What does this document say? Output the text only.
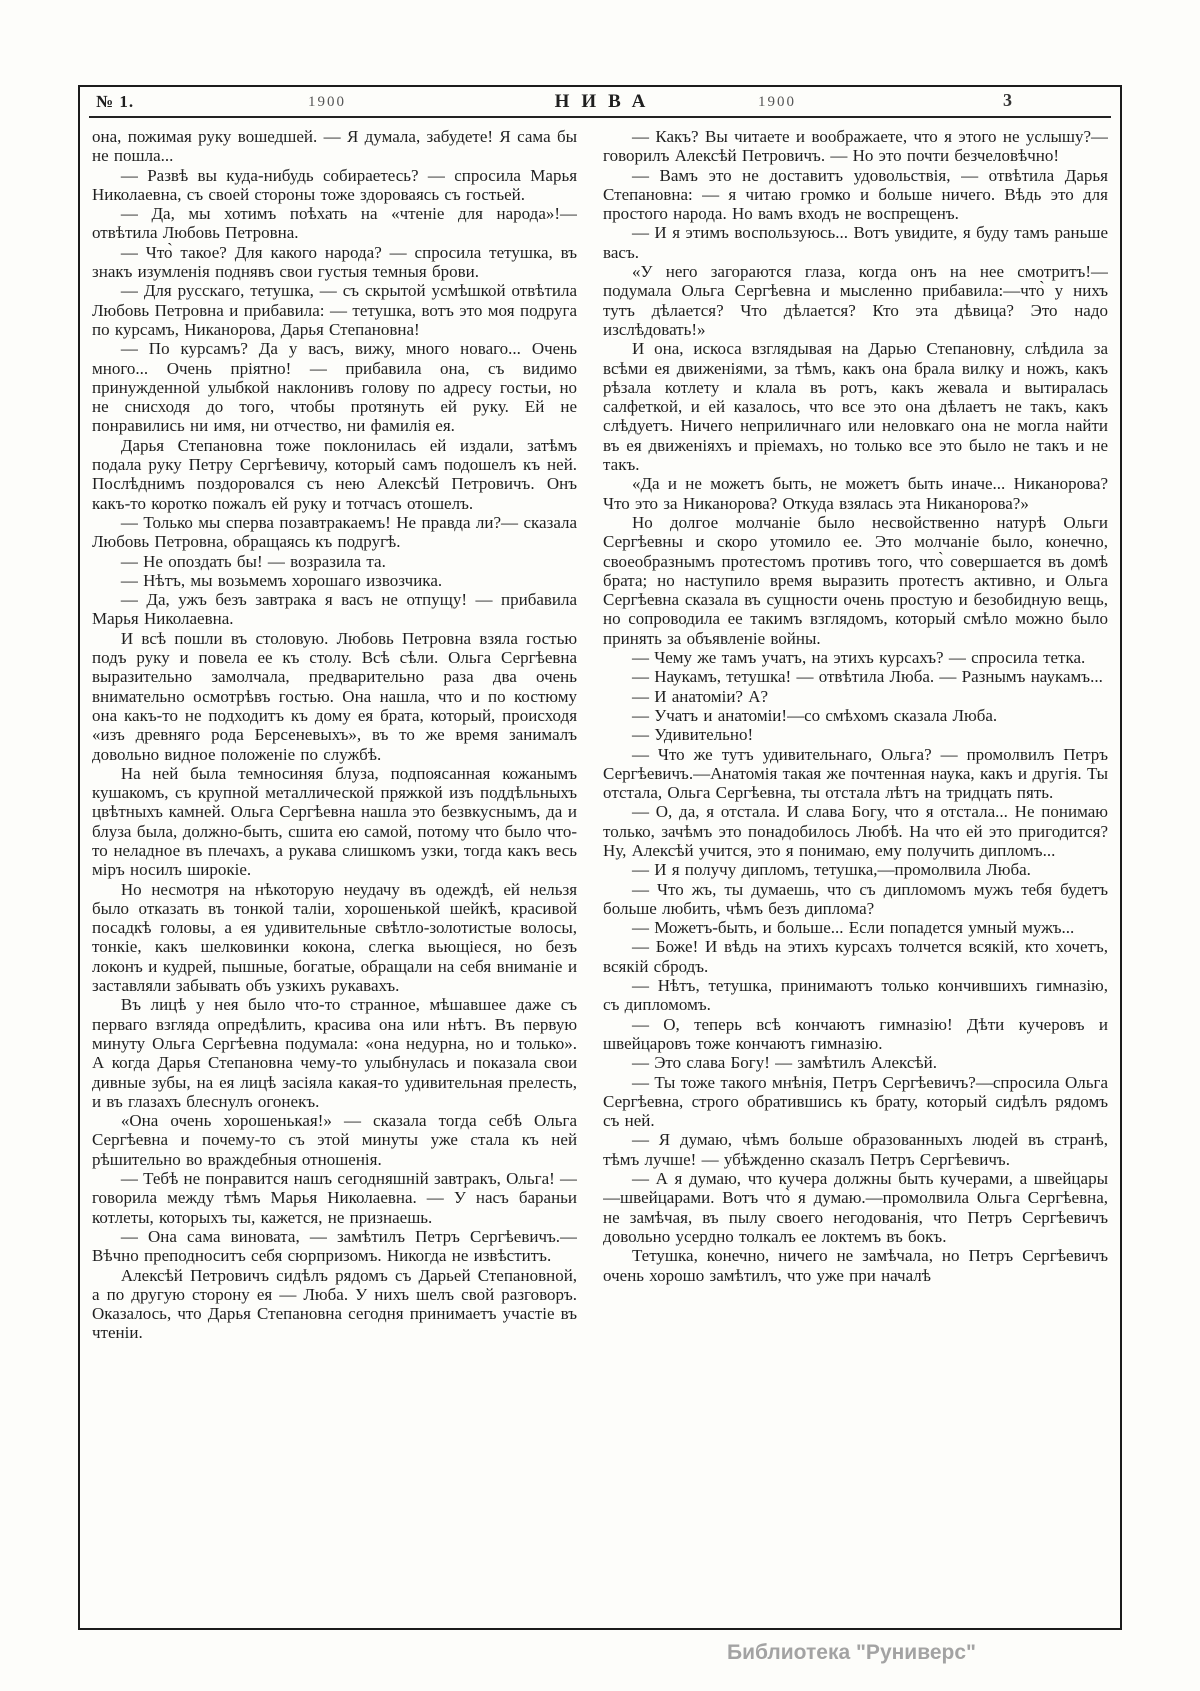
№ 1.	1900	НИВА	1900	3

она, пожимая руку вошедшей. — Я думала, забудете! Я сама бы не пошла...

— Развѣ вы куда-нибудь собираетесь? — спросила Марья Николаевна, съ своей стороны тоже здороваясь съ гостьей.

— Да, мы хотимъ поѣхать на «чтеніе для народа»!— отвѣтила Любовь Петровна.

— Что̀ такое? Для какого народа? — спросила тетушка, въ знакъ изумленія поднявъ свои густыя темныя брови.

— Для русскаго, тетушка, — съ скрытой усмѣшкой отвѣтила Любовь Петровна и прибавила: — тетушка, вотъ это моя подруга по курсамъ, Никанорова, Дарья Степановна!

— По курсамъ? Да у васъ, вижу, много новаго... Очень много... Очень пріятно! — прибавила она, съ видимо принужденной улыбкой наклонивъ голову по адресу гостьи, но не снисходя до того, чтобы протянуть ей руку. Ей не понравились ни имя, ни отчество, ни фамилія ея.

Дарья Степановна тоже поклонилась ей издали, затѣмъ подала руку Петру Сергѣевичу, который самъ подошелъ къ ней. Послѣднимъ поздоровался съ нею Алексѣй Петровичъ. Онъ какъ-то коротко пожалъ ей руку и тотчасъ отошелъ.

— Только мы сперва позавтракаемъ! Не правда ли?— сказала Любовь Петровна, обращаясь къ подругѣ.

— Не опоздать бы! — возразила та.

— Нѣтъ, мы возьмемъ хорошаго извозчика.

— Да, ужъ безъ завтрака я васъ не отпущу! — прибавила Марья Николаевна.

И всѣ пошли въ столовую. Любовь Петровна взяла гостью подъ руку и повела ее къ столу. Всѣ сѣли. Ольга Сергѣевна выразительно замолчала, предварительно раза два очень внимательно осмотрѣвъ гостью. Она нашла, что и по костюму она какъ-то не подходитъ къ дому ея брата, который, происходя «изъ древняго рода Берсеневыхъ», въ то же время занималъ довольно видное положеніе по службѣ.

На ней была темносиняя блуза, подпоясанная кожанымъ кушакомъ, съ крупной металлической пряжкой изъ поддѣльныхъ цвѣтныхъ камней. Ольга Сергѣевна нашла это безвкуснымъ, да и блуза была, должно-быть, сшита ею самой, потому что было что-то неладное въ плечахъ, а рукава слишкомъ узки, тогда какъ весь міръ носилъ широкіе.

Но несмотря на нѣкоторую неудачу въ одеждѣ, ей нельзя было отказать въ тонкой таліи, хорошенькой шейкѣ, красивой посадкѣ головы, а ея удивительные свѣтло-золотистые волосы, тонкіе, какъ шелковинки кокона, слегка вьющіеся, но безъ локонъ и кудрей, пышные, богатые, обращали на себя вниманіе и заставляли забывать объ узкихъ рукавахъ.

Въ лицѣ у нея было что-то странное, мѣшавшее даже съ перваго взгляда опредѣлить, красива она или нѣтъ. Въ первую минуту Ольга Сергѣевна подумала: «она недурна, но и только». А когда Дарья Степановна чему-то улыбнулась и показала свои дивные зубы, на ея лицѣ засіяла какая-то удивительная прелесть, и въ глазахъ блеснулъ огонекъ.

«Она очень хорошенькая!» — сказала тогда себѣ Ольга Сергѣевна и почему-то съ этой минуты уже стала къ ней рѣшительно во враждебныя отношенія.

— Тебѣ не понравится нашъ сегодняшній завтракъ, Ольга! — говорила между тѣмъ Марья Николаевна. — У насъ бараньи котлеты, которыхъ ты, кажется, не признаешь.

— Она сама виновата, — замѣтилъ Петръ Сергѣевичъ.—Вѣчно преподноситъ себя сюрпризомъ. Никогда не извѣститъ.

Алексѣй Петровичъ сидѣлъ рядомъ съ Дарьей Степановной, а по другую сторону ея — Люба. У нихъ шелъ свой разговоръ. Оказалось, что Дарья Степановна сегодня принимаетъ участіе въ чтеніи.

— Какъ? Вы читаете и воображаете, что я этого не услышу?—говорилъ Алексѣй Петровичъ. — Но это почти безчеловѣчно!

— Вамъ это не доставитъ удовольствія, — отвѣтила Дарья Степановна: — я читаю громко и больше ничего. Вѣдь это для простого народа. Но вамъ входъ не воспрещенъ.

— И я этимъ воспользуюсь... Вотъ увидите, я буду тамъ раньше васъ.

«У него загораются глаза, когда онъ на нее смотритъ!—подумала Ольга Сергѣевна и мысленно прибавила:—что̀ у нихъ тутъ дѣлается? Что дѣлается? Кто эта дѣвица? Это надо изслѣдовать!»

И она, искоса взглядывая на Дарью Степановну, слѣдила за всѣми ея движеніями, за тѣмъ, какъ она брала вилку и ножъ, какъ рѣзала котлету и клала въ ротъ, какъ жевала и вытиралась салфеткой, и ей казалось, что все это она дѣлаетъ не такъ, какъ слѣдуетъ. Ничего неприличнаго или неловкаго она не могла найти въ ея движеніяхъ и пріемахъ, но только все это было не такъ и не такъ.

«Да и не можетъ быть, не можетъ быть иначе... Никанорова? Что это за Никанорова? Откуда взялась эта Никанорова?»

Но долгое молчаніе было несвойственно натурѣ Ольги Сергѣевны и скоро утомило ее. Это молчаніе было, конечно, своеобразнымъ протестомъ противъ того, что̀ совершается въ домѣ брата; но наступило время выразить протестъ активно, и Ольга Сергѣевна сказала въ сущности очень простую и безобидную вещь, но сопроводила ее такимъ взглядомъ, который смѣло можно было принять за объявленіе войны.

— Чему же тамъ учатъ, на этихъ курсахъ? — спросила тетка.

— Наукамъ, тетушка! — отвѣтила Люба. — Разнымъ наукамъ...

— И анатоміи? А?

— Учатъ и анатоміи!—со смѣхомъ сказала Люба.

— Удивительно!

— Что же тутъ удивительнаго, Ольга? — промолвилъ Петръ Сергѣевичъ.—Анатомія такая же почтенная наука, какъ и другія. Ты отстала, Ольга Сергѣевна, ты отстала лѣтъ на тридцать пять.

— О, да, я отстала. И слава Богу, что я отстала... Не понимаю только, зачѣмъ это понадобилось Любѣ. На что ей это пригодится? Ну, Алексѣй учится, это я понимаю, ему получить дипломъ...

— И я получу дипломъ, тетушка,—промолвила Люба.

— Что жъ, ты думаешь, что съ дипломомъ мужъ тебя будетъ больше любить, чѣмъ безъ диплома?

— Можетъ-быть, и больше... Если попадется умный мужъ...

— Боже! И вѣдь на этихъ курсахъ толчется всякій, кто хочетъ, всякій сбродъ.

— Нѣтъ, тетушка, принимаютъ только кончившихъ гимназію, съ дипломомъ.

— О, теперь всѣ кончаютъ гимназію! Дѣти кучеровъ и швейцаровъ тоже кончаютъ гимназію.

— Это слава Богу! — замѣтилъ Алексѣй.

— Ты тоже такого мнѣнія, Петръ Сергѣевичъ?—спросила Ольга Сергѣевна, строго обратившись къ брату, который сидѣлъ рядомъ съ ней.

— Я думаю, чѣмъ больше образованныхъ людей въ странѣ, тѣмъ лучше! — убѣжденно сказалъ Петръ Сергѣевичъ.

— А я думаю, что кучера должны быть кучерами, а швейцары—швейцарами. Вотъ что̀ я думаю.—промолвила Ольга Сергѣевна, не замѣчая, въ пылу своего негодованія, что Петръ Сергѣевичъ довольно усердно толкалъ ее локтемъ въ бокъ.

Тетушка, конечно, ничего не замѣчала, но Петръ Сергѣевичъ очень хорошо замѣтилъ, что уже при началѣ

Библиотека "Руниверс"
